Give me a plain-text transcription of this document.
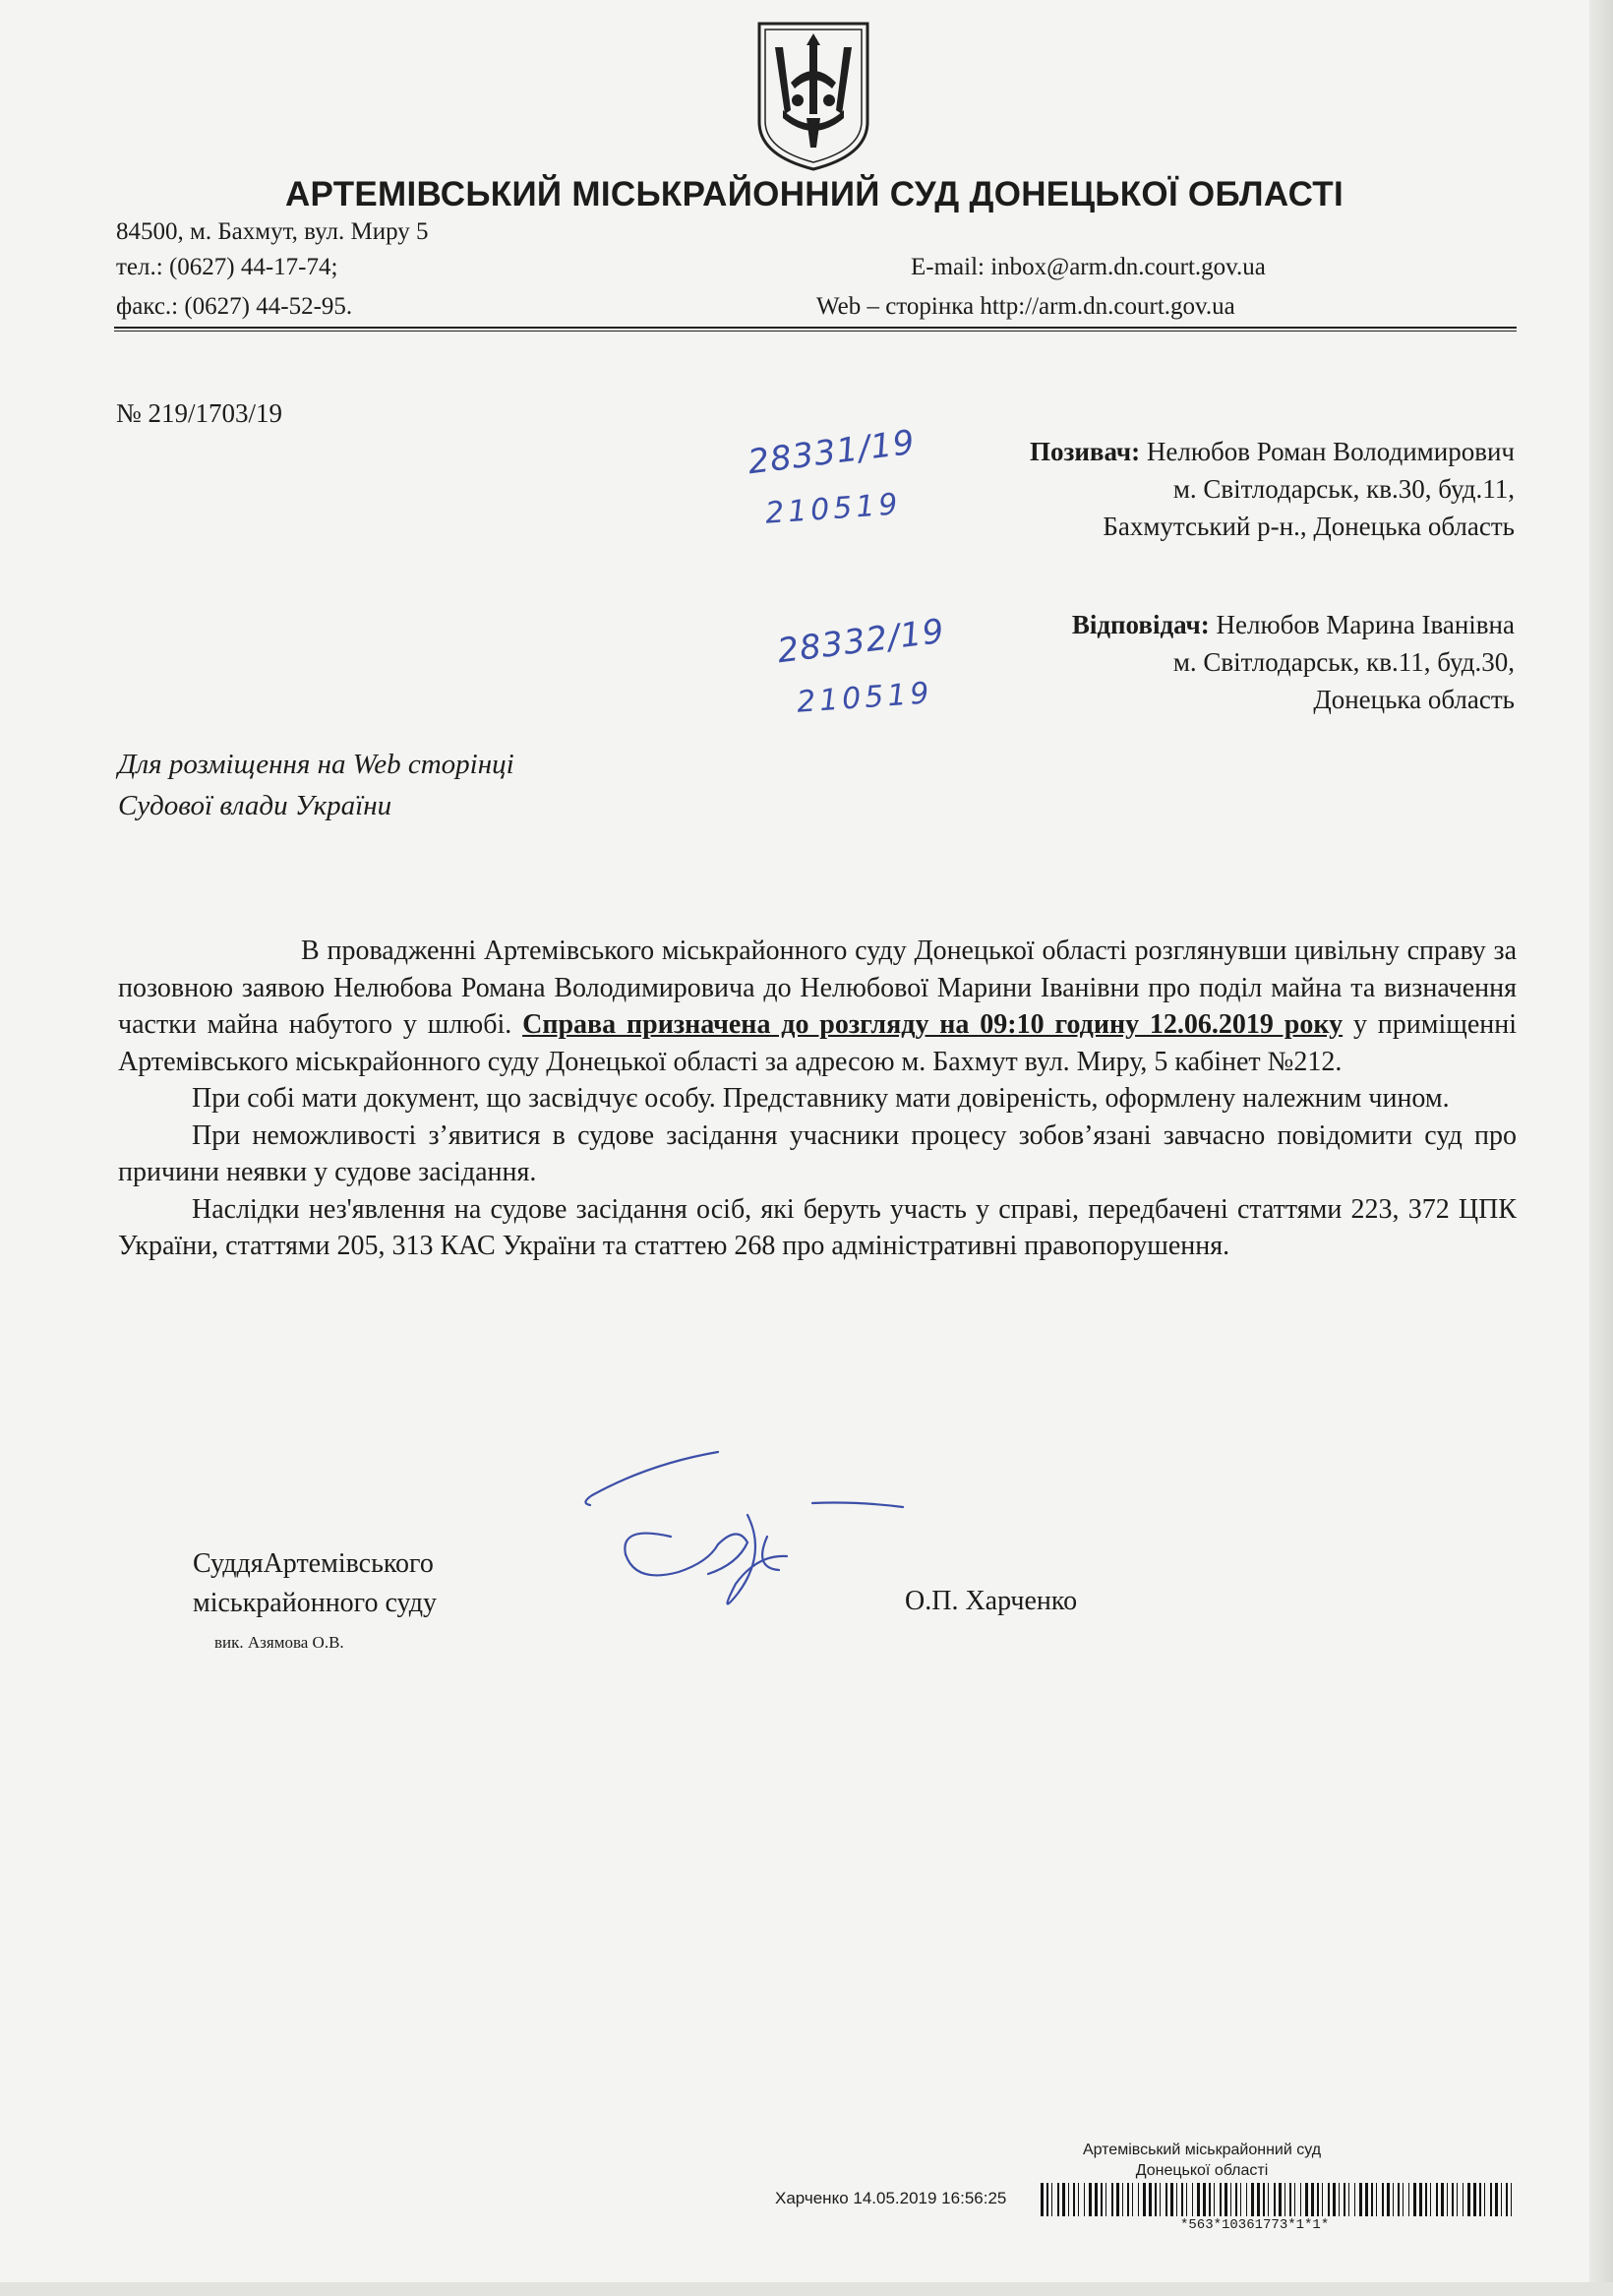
АРТЕМІВСЬКИЙ МІСЬКРАЙОННИЙ СУД ДОНЕЦЬКОЇ ОБЛАСТІ
84500, м. Бахмут, вул. Миру 5
тел.: (0627) 44-17-74;
факс.: (0627) 44-52-95.
E-mail: inbox@arm.dn.court.gov.ua
Web – сторінка http://arm.dn.court.gov.ua
№ 219/1703/19
28331/19
210519
28332/19
210519
Позивач: Нелюбов Роман Володимирович
м. Світлодарськ, кв.30, буд.11,
Бахмутський р-н., Донецька область
Відповідач: Нелюбов Марина Іванівна
м. Світлодарськ, кв.11, буд.30,
Донецька область
Для розміщення на Web сторінці
Судової влади України

В провадженні Артемівського міськрайонного суду Донецької області розглянувши цивільну справу за позовною заявою Нелюбова Романа Володимировича до Нелюбової Марини Іванівни про поділ майна та визначення частки майна набутого у шлюбі. Справа призначена до розгляду на 09:10 годину 12.06.2019 року у приміщенні Артемівського міськрайонного суду Донецької області за адресою м. Бахмут вул. Миру, 5 кабінет №212.

При собі мати документ, що засвідчує особу. Представнику мати довіреність, оформлену належним чином.

При неможливості з’явитися в судове засідання учасники процесу зобов’язані завчасно повідомити суд про причини неявки у судове засідання.

Наслідки нез'явлення на судове засідання осіб, які беруть участь у справі, передбачені статтями 223, 372 ЦПК України, статтями 205, 313 КАС України та статтею 268 про адміністративні правопорушення.

СуддяАртемівського
міськрайонного суду
вик. Азямова О.В.
О.П. Харченко
Артемівський міськрайонний суд
Донецької області
Харченко 14.05.2019 16:56:25
*563*10361773*1*1*
